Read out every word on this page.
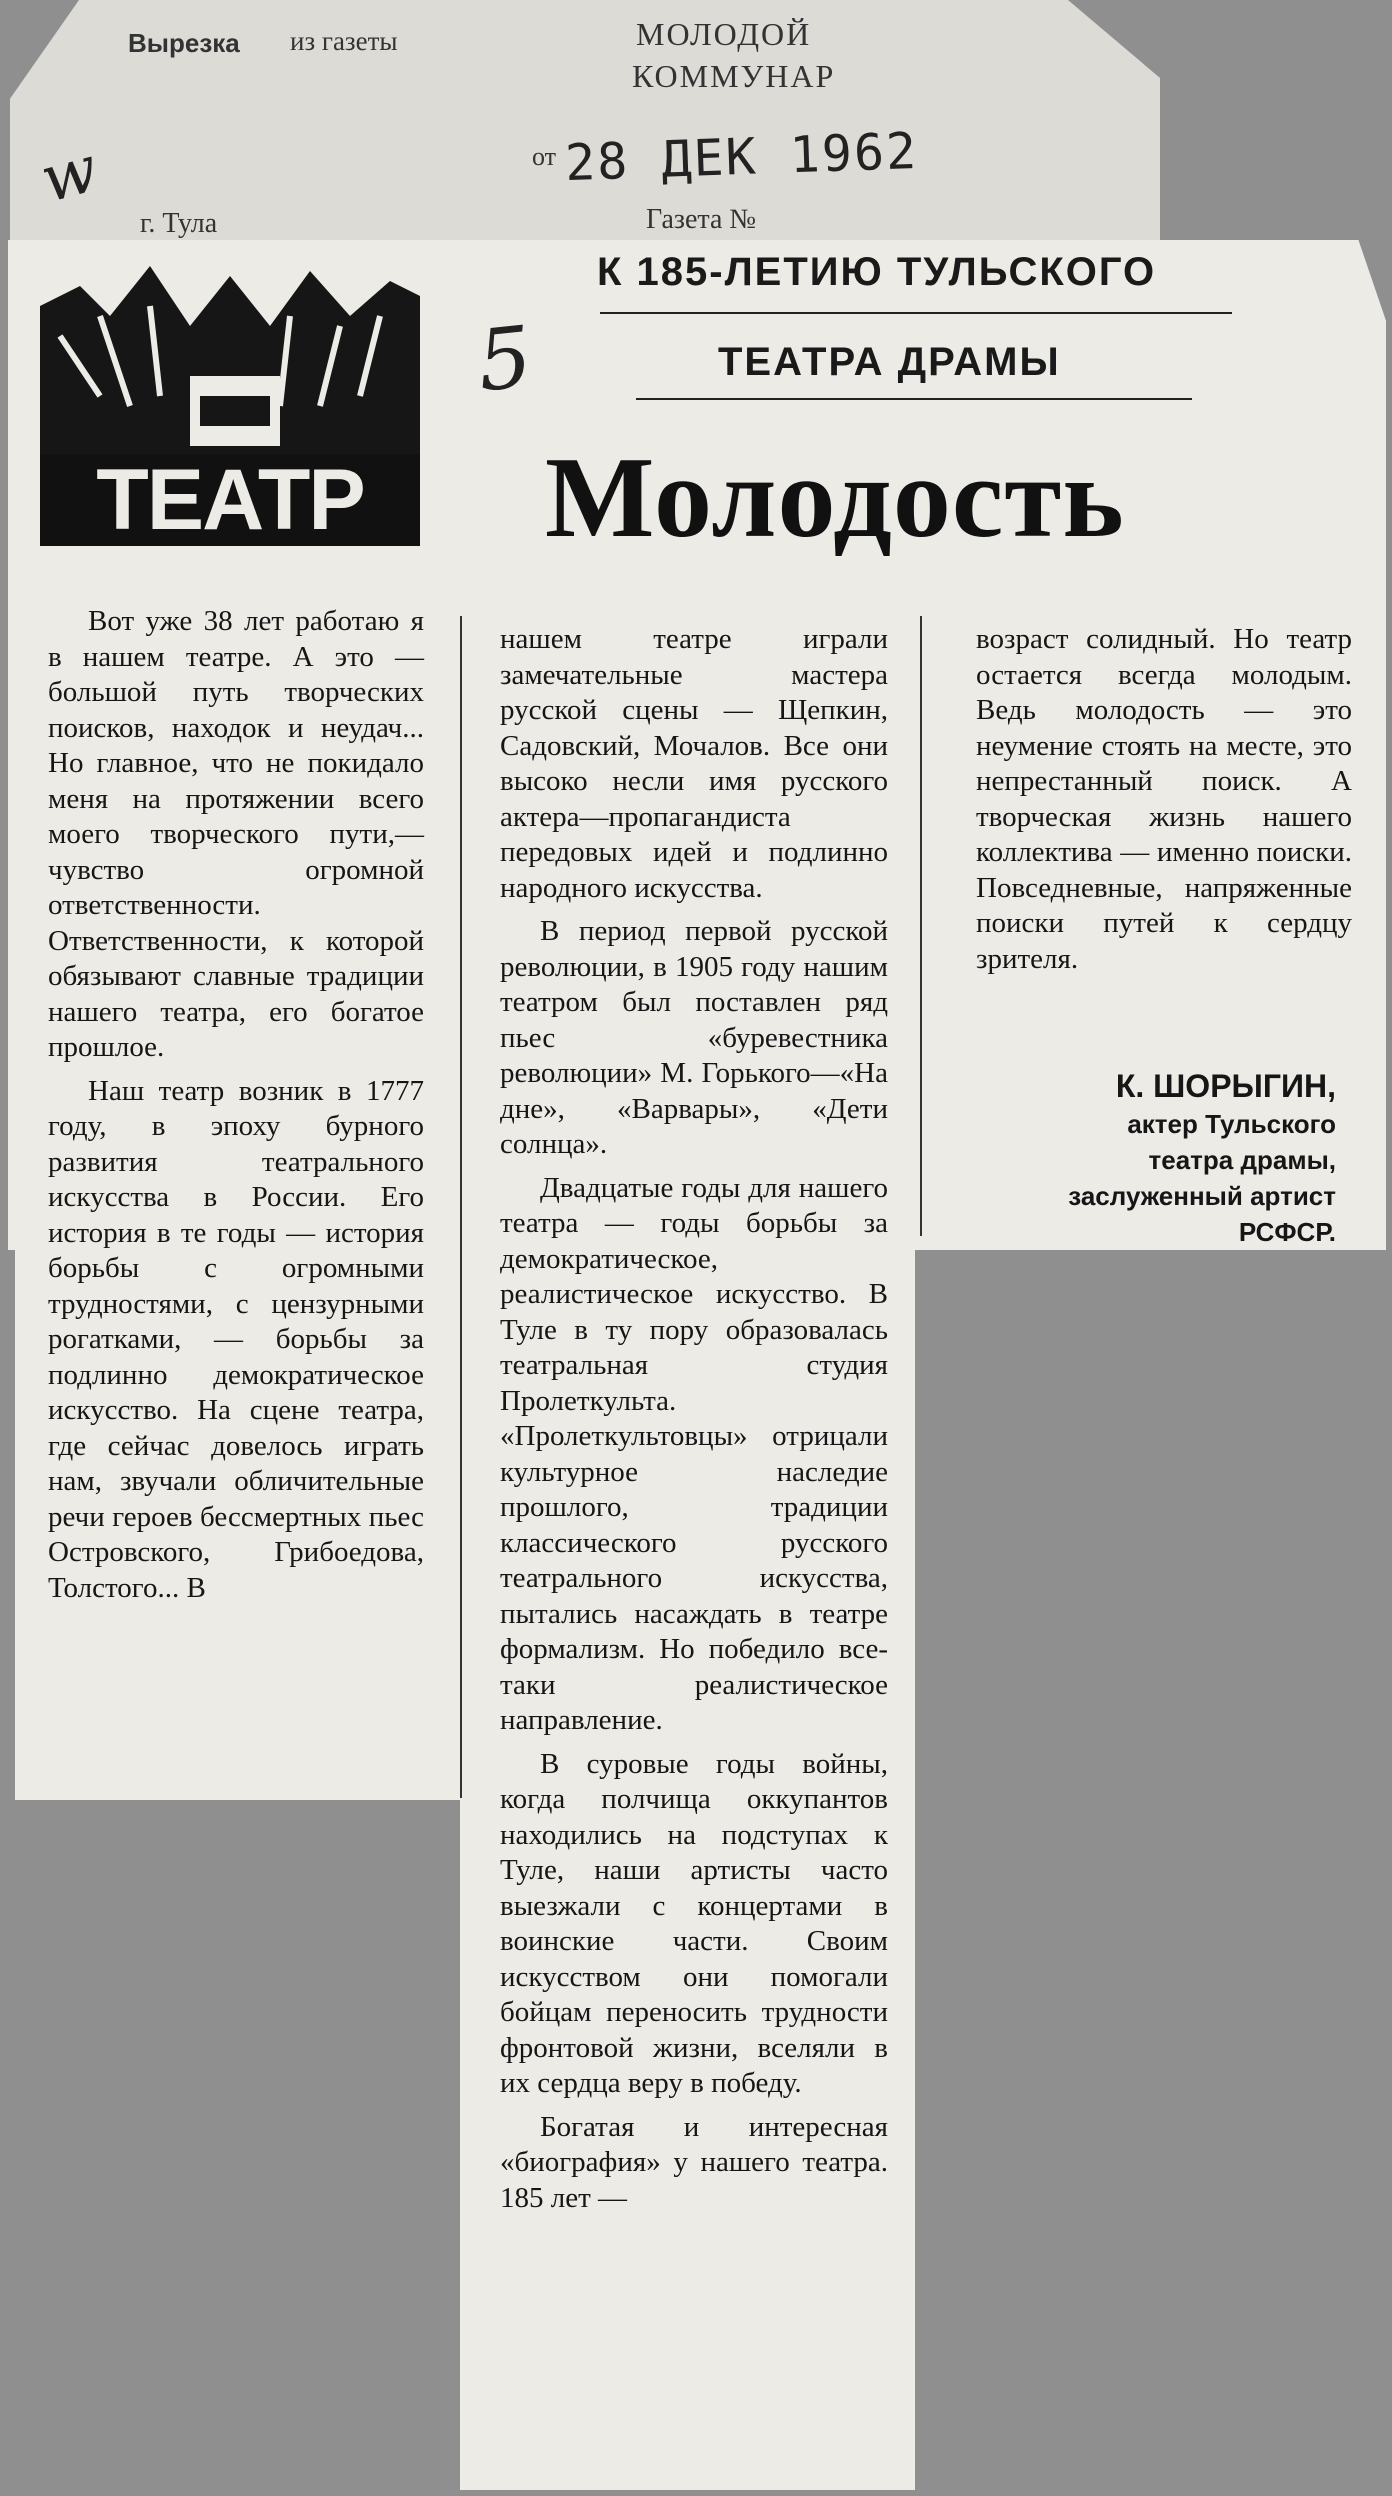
Вырезка из газеты	МОЛОДОЙ
КОММУНАР
от 28 ДЕК 1962
г. Тула	Газета №
w
5
К 185-ЛЕТИЮ ТУЛЬСКОГО
ТЕАТРА ДРАМЫ
Молодость
ТЕАТР

Вот уже 38 лет работаю я в нашем театре. А это — большой путь творческих поисков, находок и неудач... Но главное, что не покидало меня на протяжении всего моего творческого пути,—чувство огромной ответственности. Ответственности, к которой обязывают славные традиции нашего театра, его богатое прошлое.

Наш театр возник в 1777 году, в эпоху бурного развития театрального искусства в России. Его история в те годы — история борьбы с огромными трудностями, с цензурными рогатками, — борьбы за подлинно демократическое искусство. На сцене театра, где сейчас довелось играть нам, звучали обличительные речи героев бессмертных пьес Островского, Грибоедова, Толстого... В

нашем театре играли замечательные мастера русской сцены — Щепкин, Садовский, Мочалов. Все они высоко несли имя русского актера—пропагандиста передовых идей и подлинно народного искусства.

В период первой русской революции, в 1905 году нашим театром был поставлен ряд пьес «буревестника революции» М. Горького—«На дне», «Варвары», «Дети солнца».

Двадцатые годы для нашего театра — годы борьбы за демократическое, реалистическое искусство. В Туле в ту пору образовалась театральная студия Пролеткульта. «Пролеткультовцы» отрицали культурное наследие прошлого, традиции классического русского театрального искусства, пытались насаждать в театре формализм. Но победило все-таки реалистическое направление.

В суровые годы войны, когда полчища оккупантов находились на подступах к Туле, наши артисты часто выезжали с концертами в воинские части. Своим искусством они помогали бойцам переносить трудности фронтовой жизни, вселяли в их сердца веру в победу.

Богатая и интересная «биография» у нашего театра. 185 лет —

возраст солидный. Но театр остается всегда молодым. Ведь молодость — это неумение стоять на месте, это непрестанный поиск. А творческая жизнь нашего коллектива — именно поиски. Повседневные, напряженные поиски путей к сердцу зрителя.

К. ШОРЫГИН,
актер Тульского
театра драмы,
заслуженный артист
РСФСР.
